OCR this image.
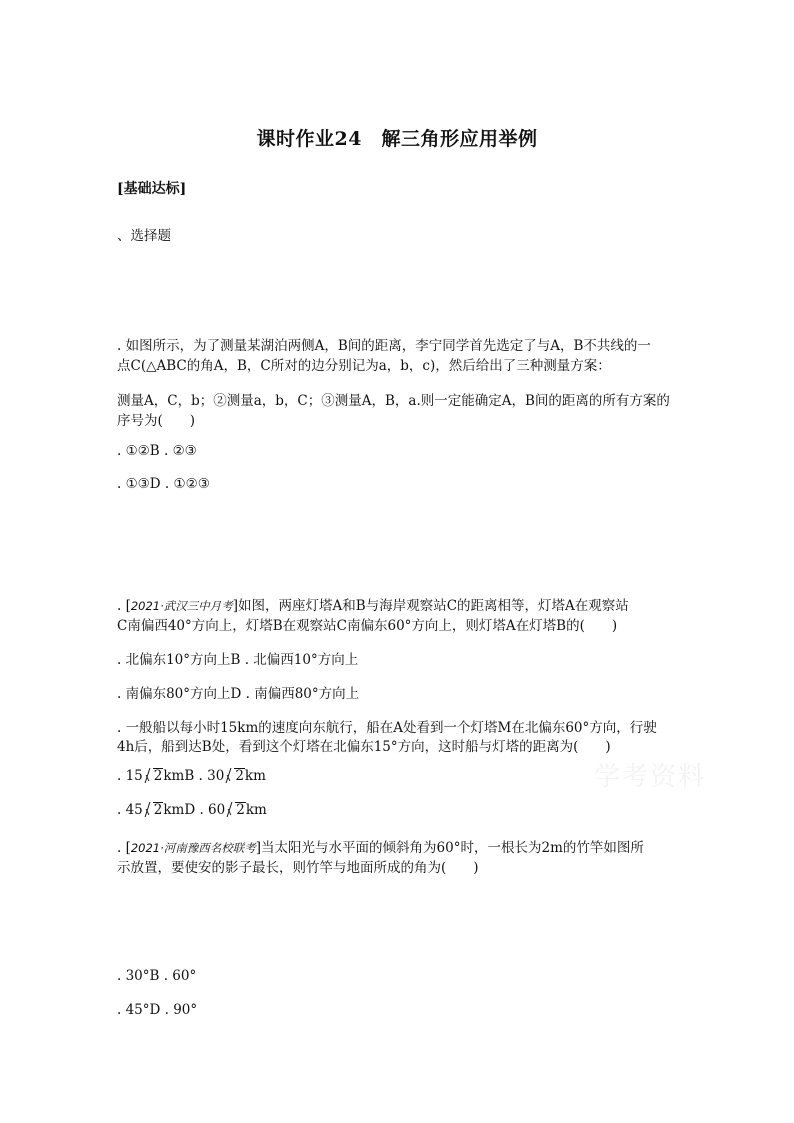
课时作业24　解三角形应用举例
[基础达标]
、选择题
. 如图所示，为了测量某湖泊两侧A，B间的距离，李宁同学首先选定了与A，B不共线的一
点C(△ABC的角A，B，C所对的边分别记为a，b，c)，然后给出了三种测量方案：
测量A，C，b；②测量a，b，C；③测量A，B，a.则一定能确定A，B间的距离的所有方案的
序号为(　　)
. ①②B . ②③
. ①③D . ①②③
. [2021·武汉三中月考]如图，两座灯塔A和B与海岸观察站C的距离相等，灯塔A在观察站
C南偏西40°方向上，灯塔B在观察站C南偏东60°方向上，则灯塔A在灯塔B的(　　)
. 北偏东10°方向上B . 北偏西10°方向上
. 南偏东80°方向上D . 南偏西80°方向上
. 一般船以每小时15km的速度向东航行，船在A处看到一个灯塔M在北偏东60°方向，行驶
4h后，船到达B处，看到这个灯塔在北偏东15°方向，这时船与灯塔的距离为(　　)
. 15 2kmB . 30 2km
. 45 2kmD . 60 2km
. [2021·河南豫西名校联考]当太阳光与水平面的倾斜角为60°时，一根长为2m的竹竿如图所
示放置，要使安的影子最长，则竹竿与地面所成的角为(　　)
. 30°B . 60°
. 45°D . 90°
学考资料
